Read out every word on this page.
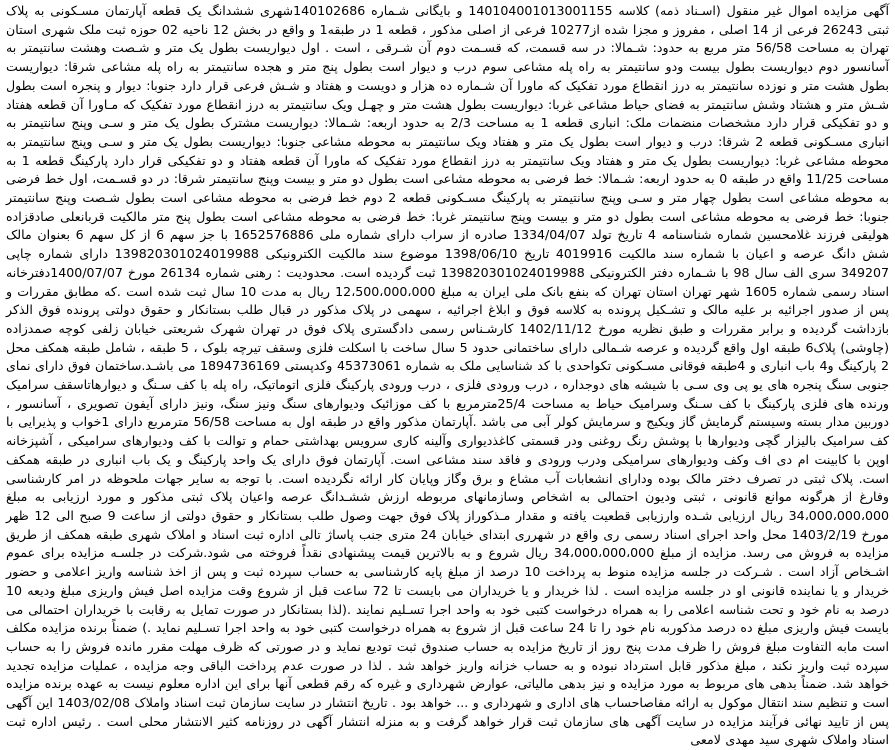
آگهی مزایده اموال غیر منقول (اسـناد ذمه) کلاسه 140104001013001155 و بایگانی شـماره 140102686شهری ششدانگ یک قطعه آپارتمان مسـکونی به پلاک ثبتی 26243 فرعی از 14 اصلی ، مفروز و مجزا شده از10277 فرعی از اصلی مذکور ، قطعه 1 در طبقه1 و واقع در بخش 12 ناحیه 02 حوزه ثبت ملک شهری استان تهران به مساحت 56/58 متر مربع به حدود: شـمالا: در سه قسمت، که قسـمت دوم آن شـرقی ، است . اول دیواریست بطول یک متر و شـصت وهشت سانتیمتر به آسانسور دوم دیواریست بطول بیست ودو سانتیمتر به راه پله مشاعی سوم درب و دیوار است بطول پنج متر و هجده سانتیمتر به راه پله مشاعی شرقا: دیواریست بطول هشت متر و نوزده سانتیمتر به درز انقطاع مورد تفکیک که ماورا آن شـماره ده هزار و دویست و هفتاد و شـش فرعی قرار دارد جنوبا: دیوار و پنجره است بطول شـش متر و هشتاد وشش سانتیمتر به فضای حیاط مشاعی غربا: دیواریست بطول هشت متر و چهـل ویک سانتیمتر به درز انقطاع مورد تفکیک که مـاورا آن قطعه هفتاد و دو تفکیکی قرار دارد مشخصات منضمات ملک: انباری قطعه 1 به مساحت 2/3 به حدود اربعه: شـمالا: دیواریست مشترک بطول یک متر و سـی وپنج سانتیمتر به انباری مسـکونی قطعه 2 شرقا: درب و دیوار است بطول یک متر و هفتاد ویک سانتیمتر به محوطه مشاعی جنوبا: دیواریست بطول یک متر و سـی وپنج سانتیمتر به محوطه مشاعی غربا: دیواریست بطول یک متر و هفتاد ویک سانتیمتر به درز انقطاع مورد تفکیک که ماورا آن قطعه هفتاد و دو تفکیکی قرار دارد پارکینگ قطعه 1 به مساحت 11/25 واقع در طبقه 0 به حدود اربعه: شـمالا: خط فرضی به محوطه مشاعی است بطول دو متر و بیست وپنج سانتیمتر شرقا: در دو قسـمت، اول خط فرضی به محوطه مشاعی است بطول چهار متر و سـی وپنج سانتیمتر به پارکینگ مسـکونی قطعه 2 دوم خط فرضی به محوطه مشاعی است بطول شـصت وپنج سانتیمتر جنوبا: خط فرضی به محوطه مشاعی است بطول دو متر و بیست وپنج سانتیمتر غربا: خط فرضی به محوطه مشاعی است بطول پنج متر مالکیت قربانعلی صادقزاده هولیقی فرزند غلامحسین شماره شناسنامه 4 تاریخ تولد 1334/04/07 صادره از سراب دارای شماره ملی 1652576886 با جز سهم 6 از کل سهم 6 بعنوان مالک شش دانگ عرصه و اعیان با شماره سند مالکیت 4019916 تاریخ 1398/06/10 موضوع سند مالکیت الکترونیکی 139820301024019988 دارای شماره چاپی 349207 سری الف سال 98 با شـماره دفتر الکترونیکی 139820301024019988 ثبت گردیده است. محدودیت : رهنی شماره 26134 مورخ 1400/07/07دفترخانه اسناد رسمی شماره 1605 شهر تهران استان تهران که بنفع بانک ملی ایران به مبلغ 12،500،000،000 ریال به مدت 10 سال ثبت شده است .که مطابق مقررات و پس از صدور اجرائیه بر علیه مالک و تشـکیل پرونده به کلاسه فوق و ابلاغ اجرائیه ، سهمی در پلاک مذکور در قبال طلب بستانکار و حقوق دولتی پرونده فوق الذکر بازداشت گردیده و برابر مقررات و طبق نظریه مورخ 1402/11/12 کارشـناس رسمی دادگستری پلاک فوق در تهران شهرک شریعتی خیابان زلفی کوچه صمدزاده (چاوشی) پلاک6 طبقه اول واقع گردیده و عرصه شـمالی دارای ساختمانی حدود 5 سال ساخت با اسکلت فلزی وسقف تیرچه بلوک ، 5 طبقه ، شامل طبقه همکف محل 2 پارکینگ و4 باب انباری و 4طبقه فوقانی مسـکونی تکواحدی با کد شناسایی ملک به شماره 45373061 وکدپستی 1894736169 می باشـد.ساختمان فوق دارای نمای جنوبی سنگ پنجره های یو پی وی سـی با شیشه های دوجداره ، درب ورودی فلزی ، درب ورودی پارکینگ فلزی اتوماتیک، راه پله با کف سـنگ و دیوارهاتاسقف سرامیک ورنده های فلزی پارکینگ با کف سـنگ وسرامیک حیاط به مساحت 25/4مترمربع با کف موزائیک ودیوارهای سنگ ونیز سنگ، ونیز دارای آیفون تصویری ، آسانسور ، دوربین مدار بسته وسیستم گرمایش گاز ویکیج و سرمایش کولر آبی می باشد .آپارتمان مذکور واقع در طبقه اول به مساحت 56/58 مترمربع دارای 1خواب و پذیرایی با کف سرامیک بالیزار گچی ودیوارها با پوشش رنگ روغنی ودر قسمتی کاغذدیواری وآلینه کاری سرویس بهداشتی حمام و توالت با کف ودیوارهای سرامیکی ، آشپزخانه اوپن با کابینت ام دی اف وکف ودیوارهای سرامیکی ودرب ورودی و فاقد سند مشاعی است. آپارتمان فوق دارای یک واحد پارکینگ و یک باب انباری در طبقه همکف است. پلاک ثبتی در تصرف دختر مالک بوده ودارای انشعابات آب مشاع و برق وگاز وپایان کار ارائه نگردیده است. با توجه به سایر جهات ملحوظه در امر کارشناسی وفارغ از هرگونه موانع قانونی ، ثبتی ودیون احتمالی به اشخاص وسازمانهای مربوطه ارزش ششـدانگ عرصه واعیان پلاک ثبتی مذکور و مورد ارزیابی به مبلغ 34،000،000،000 ریال ارزیابی شـده وارزیابی قطعیت یافته و مقدار مـذکوراز پلاک فوق جهت وصول طلب بستانکار و حقوق دولتی از ساعت 9 صبح الی 12 ظهر مورخ 1403/2/19 محل واحد اجرای اسناد رسمی ری واقع در شهرری ابتدای خیابان 24 متری جنب پاساژ تالی اداره ثبت اسناد و املاک شهری طبقه همکف از طریق مزایده به فروش می رسد. مزایده از مبلغ 34،000،000،000 ریال شروع و به بالاترین قیمت پیشنهادی نقداً فروخته می شود.شرکت در جلسـه مزایده برای عموم اشـخاص آزاد است . شـرکت در جلسه مزایده منوط به پرداخت 10 درصد از مبلغ پایه کارشناسی به حساب سپرده ثبت و پس از اخذ شناسه واریز اعلامی و حضور خریدار و یا نماینده قانونی او در جلسه مزایده است . لذا خریدار و یا خریداران می بایست تا 72 ساعت قبل از شروع وقت مزایده اصل فیش واریزی مبلغ ودیعه 10 درصد به نام خود و تحت شناسه اعلامی را به همراه درخواست کتبی خود به واحد اجرا تسـلیم نمایند .(لذا بستانکار در صورت تمایل به رقابت با خریداران احتمالی می بایست فیش واریزی مبلغ ده درصد مذکوربه نام خود را تا 24 ساعت قبل از شروع به همراه درخواست کتبی خود به واحد اجرا تسـلیم نماید .) ضمناً برنده مزایده مکلف است مابه التفاوت مبلغ فروش را ظرف مدت پنج روز از تاریخ مزایده به حساب صندوق ثبت تودیع نماید و در صورتی که ظرف مهلت مقرر مانده فروش را به حساب سپرده ثبت واریز نکند ، مبلغ مذکور قابل استرداد نبوده و به حساب خزانه واریز خواهد شد . لذا در صورت عدم پرداخت الباقی وجه مزایده ، عملیات مزایده تجدید خواهد شد. ضمناً بدهی های مربوط به مورد مزایده و نیز بدهی مالیاتی، عوارض شهرداری و غیره که رقم قطعی آنها برای این اداره معلوم نیست به عهده برنده مزایده است و تنظیم سند انتقال موکول به ارائه مفاصاحساب های اداری و شهرداری و ... خواهد بود . تاریخ انتشار در سایت سازمان ثبت اسناد واملاک 1403/02/08 این آگهی پس از تایید نهائی فرآیند مزایده در سایت آگهی های سازمان ثبت قرار خواهد گرفت و به منزله انتشار آگهی در روزنامه کثیر الانتشار محلی است . رئیس اداره ثبت اسناد واملاک شهری سید مهدی لامعی
